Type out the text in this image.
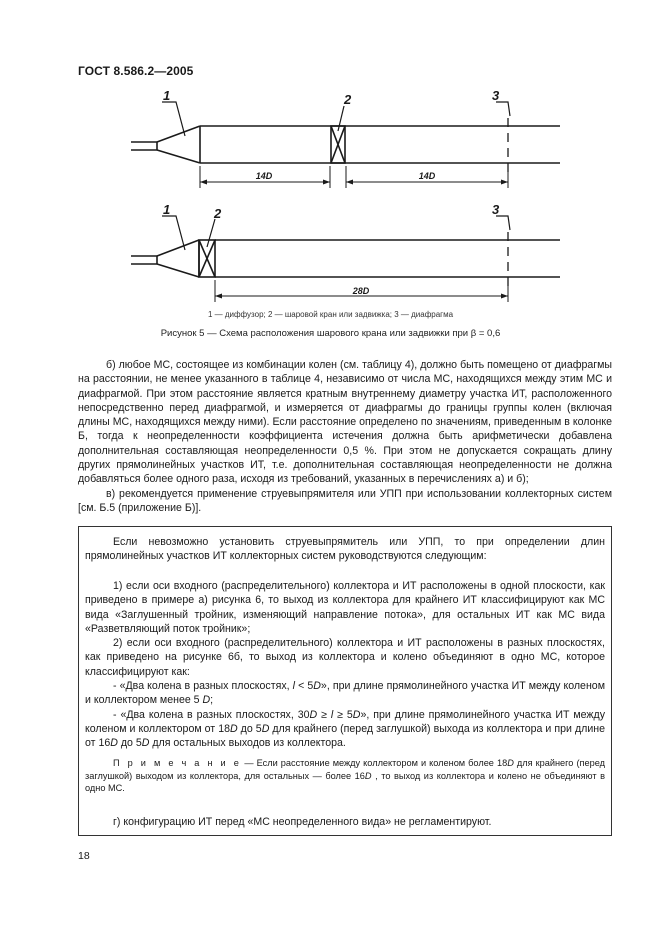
ГОСТ 8.586.2—2005
1	2	3
1	2	3
14D	14D
28D
1 — диффузор; 2 — шаровой кран или задвижка; 3 — диафрагма
Рисунок 5 — Схема расположения шарового крана или задвижки при β = 0,6

б) любое МС, состоящее из комбинации колен (см. таблицу 4), должно быть помещено от диафрагмы на расстоянии, не менее указанного в таблице 4, независимо от числа МС, находящихся между этим МС и диафрагмой. При этом расстояние является кратным внутреннему диаметру участка ИТ, расположенного непосредственно перед диафрагмой, и измеряется от диафрагмы до границы группы колен (включая длины МС, находящихся между ними). Если расстояние определено по значениям, приведенным в колонке Б, тогда к неопределенности коэффициента истечения должна быть арифметически добавлена дополнительная составляющая неопределенности 0,5 %. При этом не допускается сокращать длину других прямолинейных участков ИТ, т.е. дополнительная составляющая неопределенности не должна добавляться более одного раза, исходя из требований, указанных в перечислениях а) и б);

в) рекомендуется применение струевыпрямителя или УПП при использовании коллекторных систем [см. Б.5 (приложение Б)].

Если невозможно установить струевыпрямитель или УПП, то при определении длин прямолинейных участков ИТ коллекторных систем руководствуются следующим:

1) если оси входного (распределительного) коллектора и ИТ расположены в одной плоскости, как приведено в примере а) рисунка 6, то выход из коллектора для крайнего ИТ классифицируют как МС вида «Заглушенный тройник, изменяющий направление потока», для остальных ИТ как МС вида «Разветвляющий поток тройник»;

2) если оси входного (распределительного) коллектора и ИТ расположены в разных плоскостях, как приведено на рисунке 6б, то выход из коллектора и колено объединяют в одно МС, которое классифицируют как:

- «Два колена в разных плоскостях, l < 5D», при длине прямолинейного участка ИТ между коленом и коллектором менее 5 D;

- «Два колена в разных плоскостях, 30D ≥ l ≥ 5D», при длине прямолинейного участка ИТ между коленом и коллектором от 18D до 5D для крайнего (перед заглушкой) выхода из коллектора и при длине от 16D до 5D для остальных выходов из коллектора.

П р и м е ч а н и е — Если расстояние между коллектором и коленом более 18D для крайнего (перед заглушкой) выходом из коллектора, для остальных — более 16D , то выход из коллектора и колено не объединяют в одно МС.

г) конфигурацию ИТ перед «МС неопределенного вида» не регламентируют.

18
